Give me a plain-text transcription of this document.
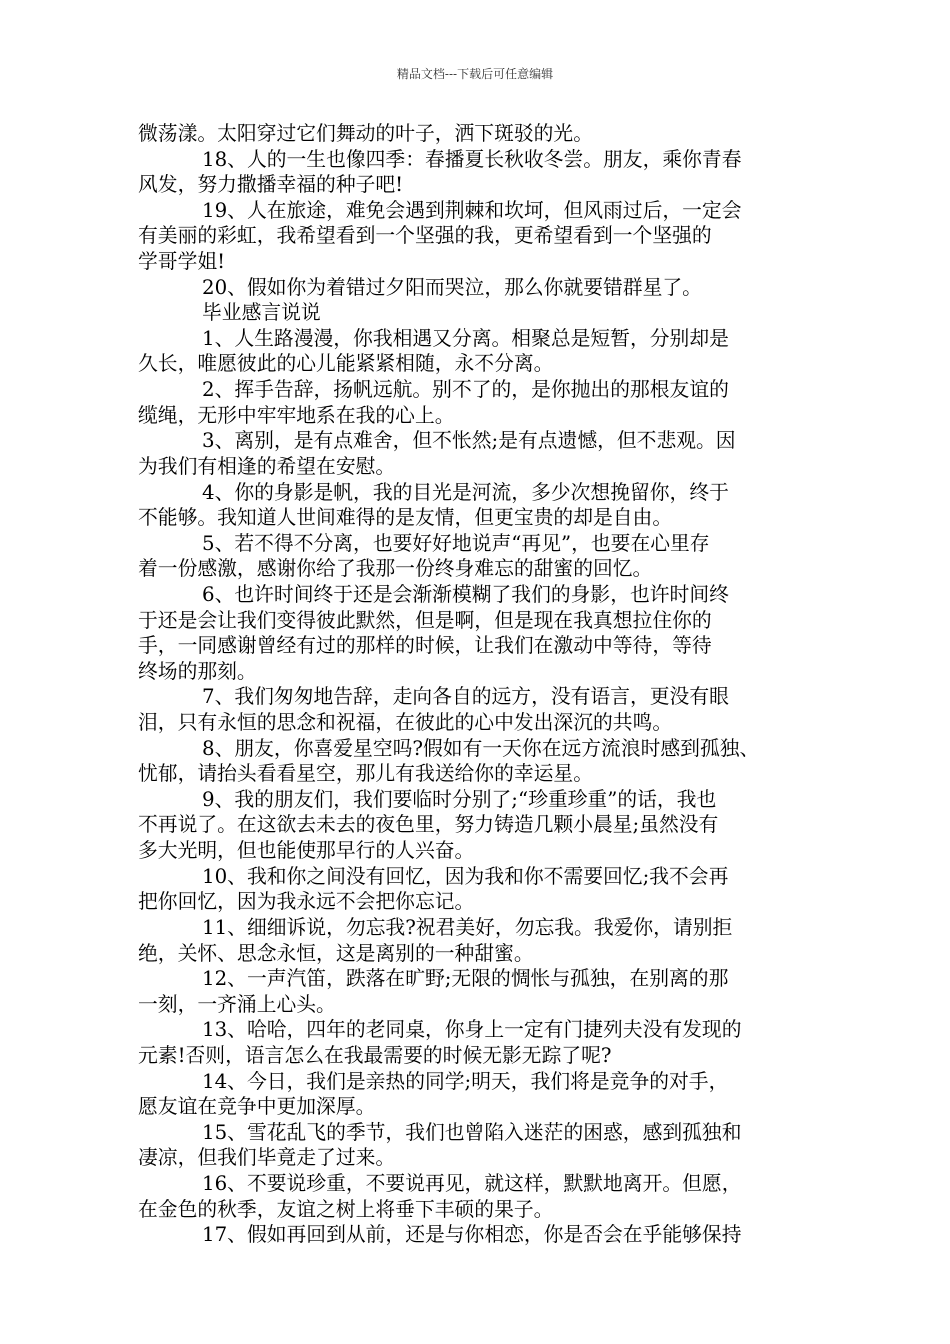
精品文档---下载后可任意编辑
微荡漾。太阳穿过它们舞动的叶子，洒下斑驳的光。
18、人的一生也像四季：春播夏长秋收冬尝。朋友，乘你青春
风发，努力撒播幸福的种子吧!
19、人在旅途，难免会遇到荆棘和坎坷，但风雨过后，一定会
有美丽的彩虹，我希望看到一个坚强的我，更希望看到一个坚强的
学哥学姐!
20、假如你为着错过夕阳而哭泣，那么你就要错群星了。
毕业感言说说
1、人生路漫漫，你我相遇又分离。相聚总是短暂，分别却是
久长，唯愿彼此的心儿能紧紧相随，永不分离。
2、挥手告辞，扬帆远航。别不了的，是你抛出的那根友谊的
缆绳，无形中牢牢地系在我的心上。
3、离别，是有点难舍，但不怅然;是有点遗憾，但不悲观。因
为我们有相逢的希望在安慰。
4、你的身影是帆，我的目光是河流，多少次想挽留你，终于
不能够。我知道人世间难得的是友情，但更宝贵的却是自由。
5、若不得不分离，也要好好地说声“再见”，也要在心里存
着一份感激，感谢你给了我那一份终身难忘的甜蜜的回忆。
6、也许时间终于还是会渐渐模糊了我们的身影，也许时间终
于还是会让我们变得彼此默然，但是啊，但是现在我真想拉住你的
手，一同感谢曾经有过的那样的时候，让我们在激动中等待，等待
终场的那刻。
7、我们匆匆地告辞，走向各自的远方，没有语言，更没有眼
泪，只有永恒的思念和祝福，在彼此的心中发出深沉的共鸣。
8、朋友，你喜爱星空吗?假如有一天你在远方流浪时感到孤独、
忧郁，请抬头看看星空，那儿有我送给你的幸运星。
9、我的朋友们，我们要临时分别了;“珍重珍重”的话，我也
不再说了。在这欲去未去的夜色里，努力铸造几颗小晨星;虽然没有
多大光明，但也能使那早行的人兴奋。
10、我和你之间没有回忆，因为我和你不需要回忆;我不会再
把你回忆，因为我永远不会把你忘记。
11、细细诉说，勿忘我?祝君美好，勿忘我。我爱你，请别拒
绝，关怀、思念永恒，这是离别的一种甜蜜。
12、一声汽笛，跌落在旷野;无限的惆怅与孤独，在别离的那
一刻，一齐涌上心头。
13、哈哈，四年的老同桌，你身上一定有门捷列夫没有发现的
元素!否则，语言怎么在我最需要的时候无影无踪了呢?
14、今日，我们是亲热的同学;明天，我们将是竞争的对手，
愿友谊在竞争中更加深厚。
15、雪花乱飞的季节，我们也曾陷入迷茫的困惑，感到孤独和
凄凉，但我们毕竟走了过来。
16、不要说珍重，不要说再见，就这样，默默地离开。但愿，
在金色的秋季，友谊之树上将垂下丰硕的果子。
17、假如再回到从前，还是与你相恋，你是否会在乎能够保持
